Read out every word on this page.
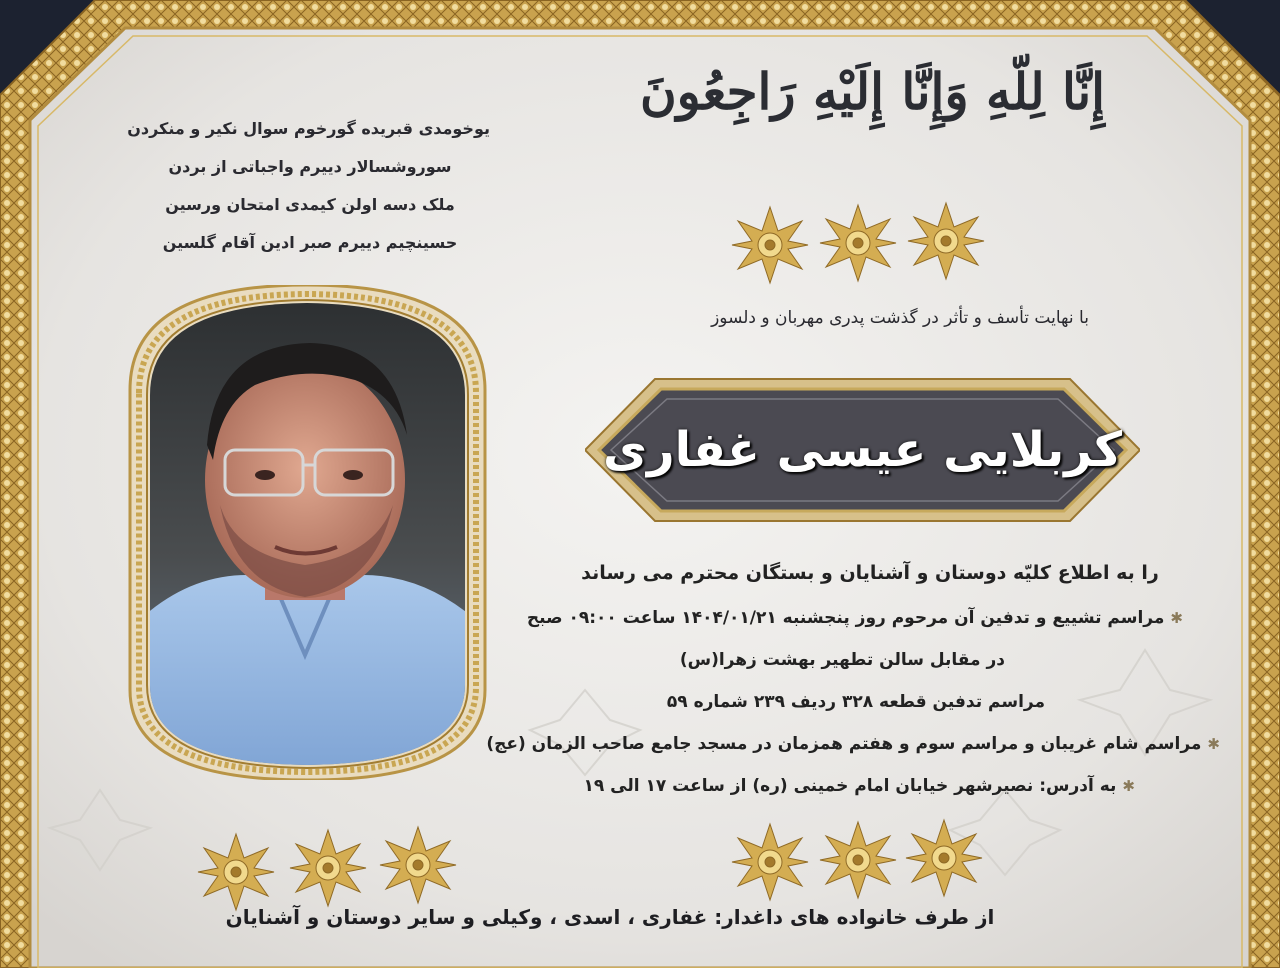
إِنَّا لِلّهِ وَإِنَّا إِلَيْهِ رَاجِعُونَ
یوخومدی قبریده گورخوم سوال نکیر و منکردن
سوروشسالار دییرم واجباتی از بردن
ملک دسه اولن کیمدی امتحان ورسین
حسینچیم دییرم صبر ادین آقام گلسین
با نهایت تأسف و تأثر در گذشت پدری مهربان و دلسوز
کربلایی عیسی غفاری
را به اطلاع کلیّه دوستان و آشنایان و بستگان محترم می رساند
✱مراسم تشییع و تدفین آن مرحوم روز پنجشنبه ۱۴۰۴/۰۱/۲۱ ساعت ۰۹:۰۰ صبح
در مقابل سالن تطهیر بهشت زهرا(س)
مراسم تدفین قطعه ۳۲۸ ردیف ۲۳۹ شماره ۵۹
✱مراسم شام غریبان و مراسم سوم و هفتم همزمان در مسجد جامع صاحب الزمان (عج)
✱به آدرس: نصیرشهر خیابان امام خمینی (ره) از ساعت ۱۷ الی ۱۹
از طرف خانواده های داغدار: غفاری ، اسدی ، وکیلی و سایر دوستان و آشنایان
